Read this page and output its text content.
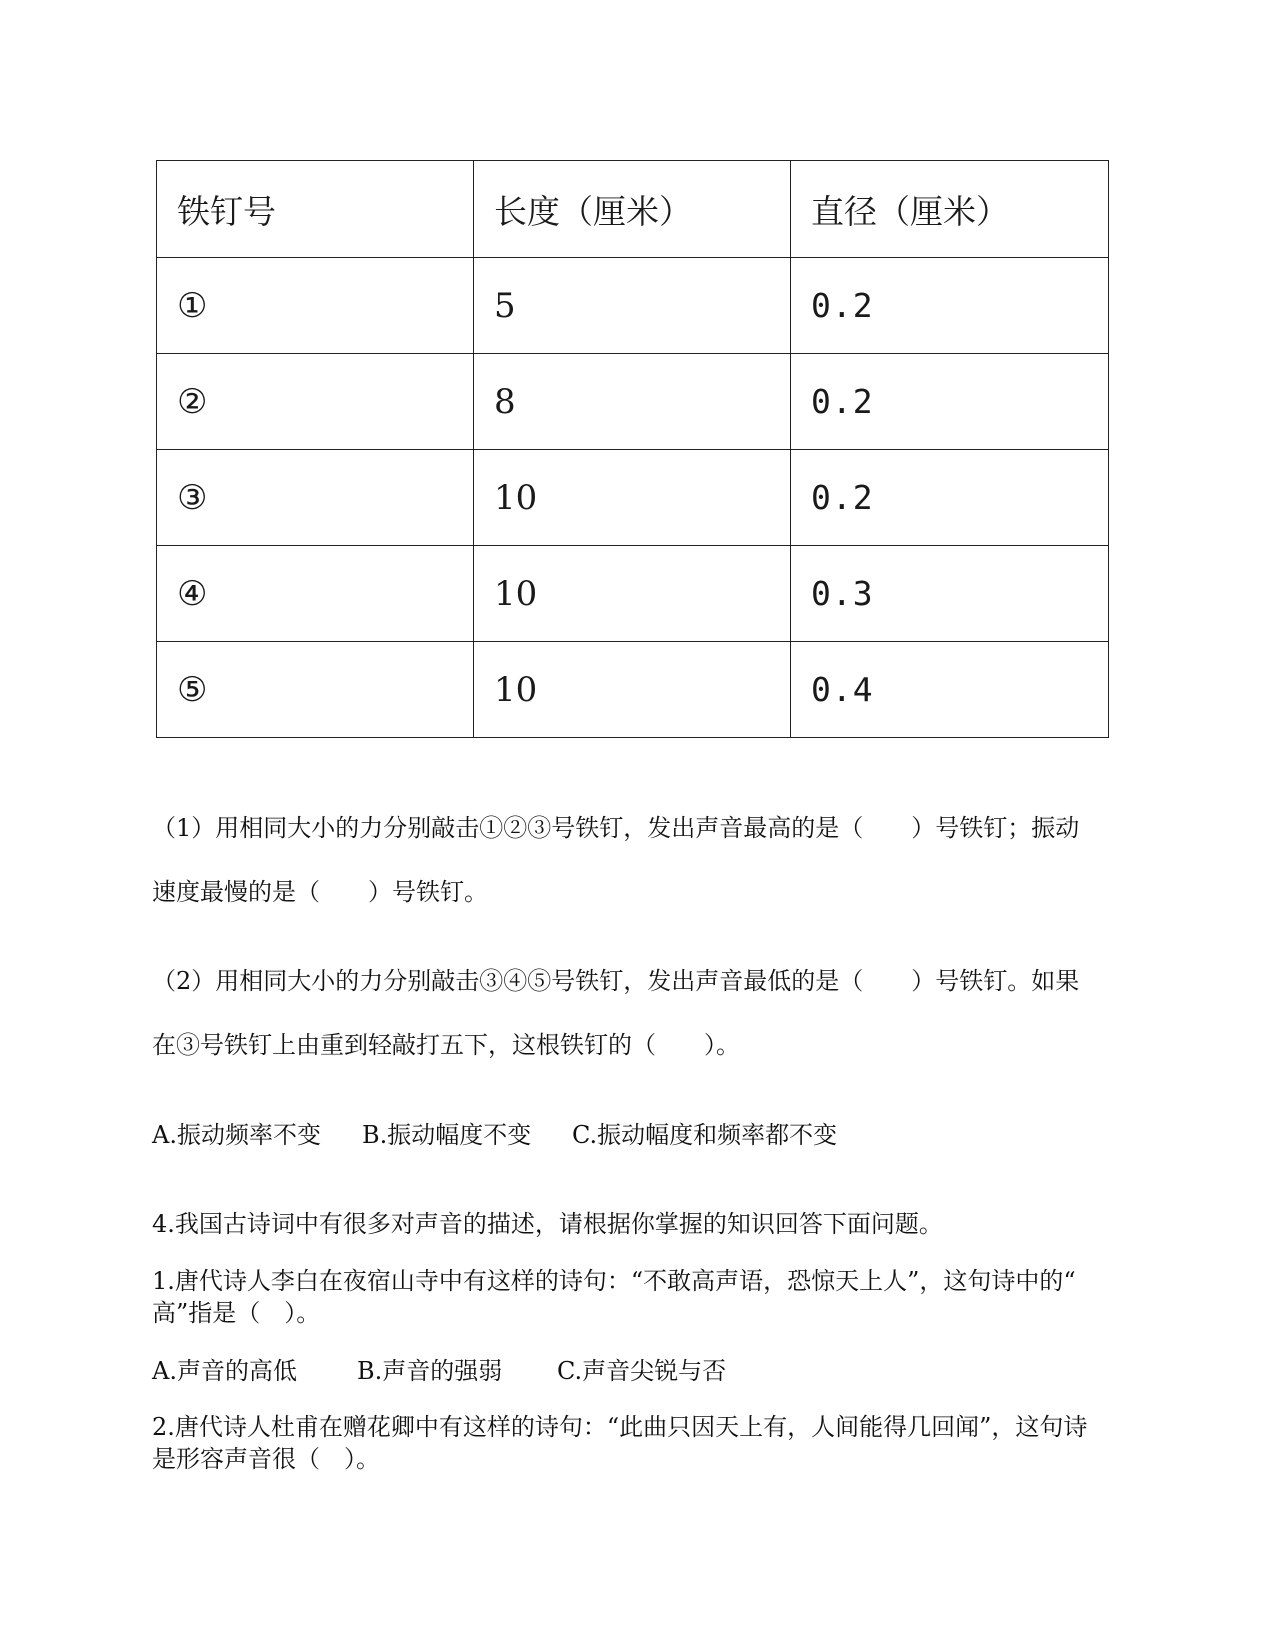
铁钉号	长度（厘米）	直径（厘米）
①	5	0.2
②	8	0.2
③	10	0.2
④	10	0.3
⑤	10	0.4
（1）用相同大小的力分别敲击①②③号铁钉，发出声音最高的是（　　）号铁钉；振动
速度最慢的是（　　）号铁钉。
（2）用相同大小的力分别敲击③④⑤号铁钉，发出声音最低的是（　　）号铁钉。如果
在③号铁钉上由重到轻敲打五下，这根铁钉的（　　）。
A.振动频率不变 B.振动幅度不变 C.振动幅度和频率都不变
4.我国古诗词中有很多对声音的描述，请根据你掌握的知识回答下面问题。
1.唐代诗人李白在夜宿山寺中有这样的诗句：“不敢高声语，恐惊天上人”，这句诗中的“
高”指是（　）。
A.声音的高低	B.声音的强弱 C.声音尖锐与否
2.唐代诗人杜甫在赠花卿中有这样的诗句：“此曲只因天上有，人间能得几回闻”，这句诗
是形容声音很（　）。
